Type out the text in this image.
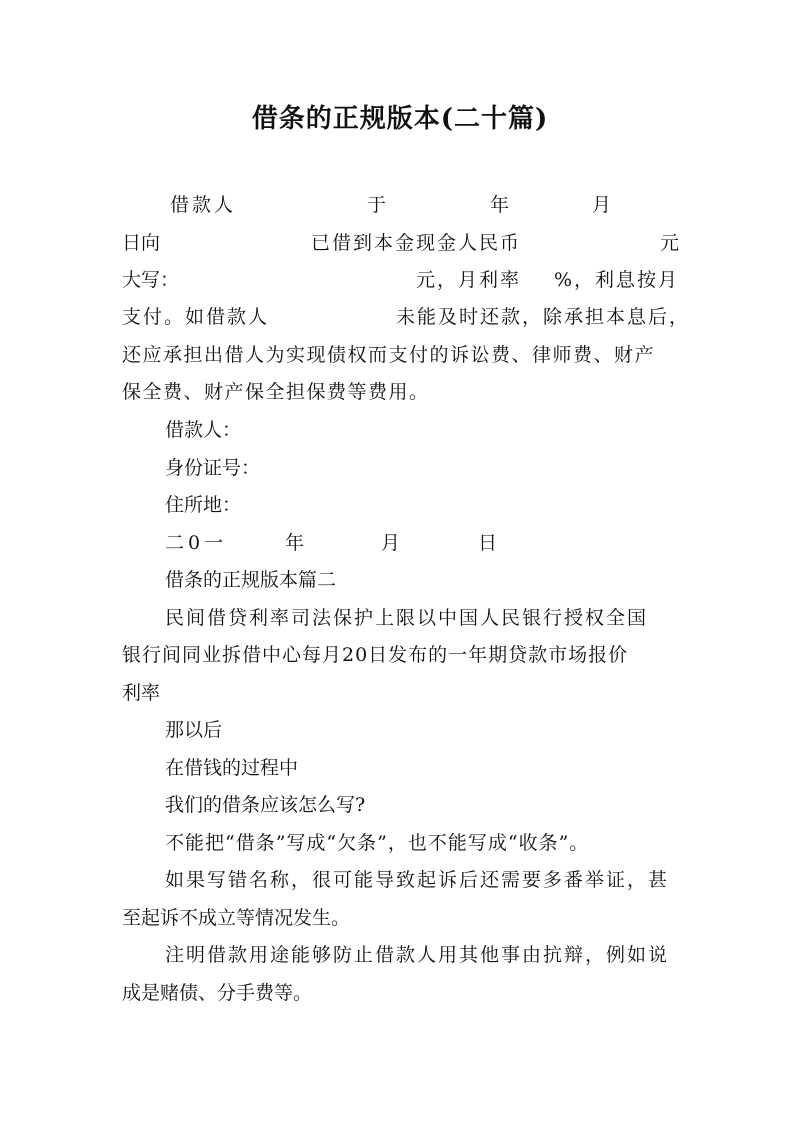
借条的正规版本(二十篇)
借款人	于	年	月
日向	已借到本金现金人民币	元
大写：	元，月利率 %，利息按月
支付。如借款人	未能及时还款，除承担本息后，
还应承担出借人为实现债权而支付的诉讼费、律师费、财产
保全费、财产保全担保费等费用。
借款人：
身份证号：
住所地：
二0一	年	月	日
借条的正规版本篇二
民间借贷利率司法保护上限以中国人民银行授权全国
银行间同业拆借中心每月20日发布的一年期贷款市场报价
利率
那以后
在借钱的过程中
我们的借条应该怎么写?
不能把“借条”写成“欠条”，也不能写成“收条”。
如果写错名称，很可能导致起诉后还需要多番举证，甚
至起诉不成立等情况发生。
注明借款用途能够防止借款人用其他事由抗辩，例如说
成是赌债、分手费等。
